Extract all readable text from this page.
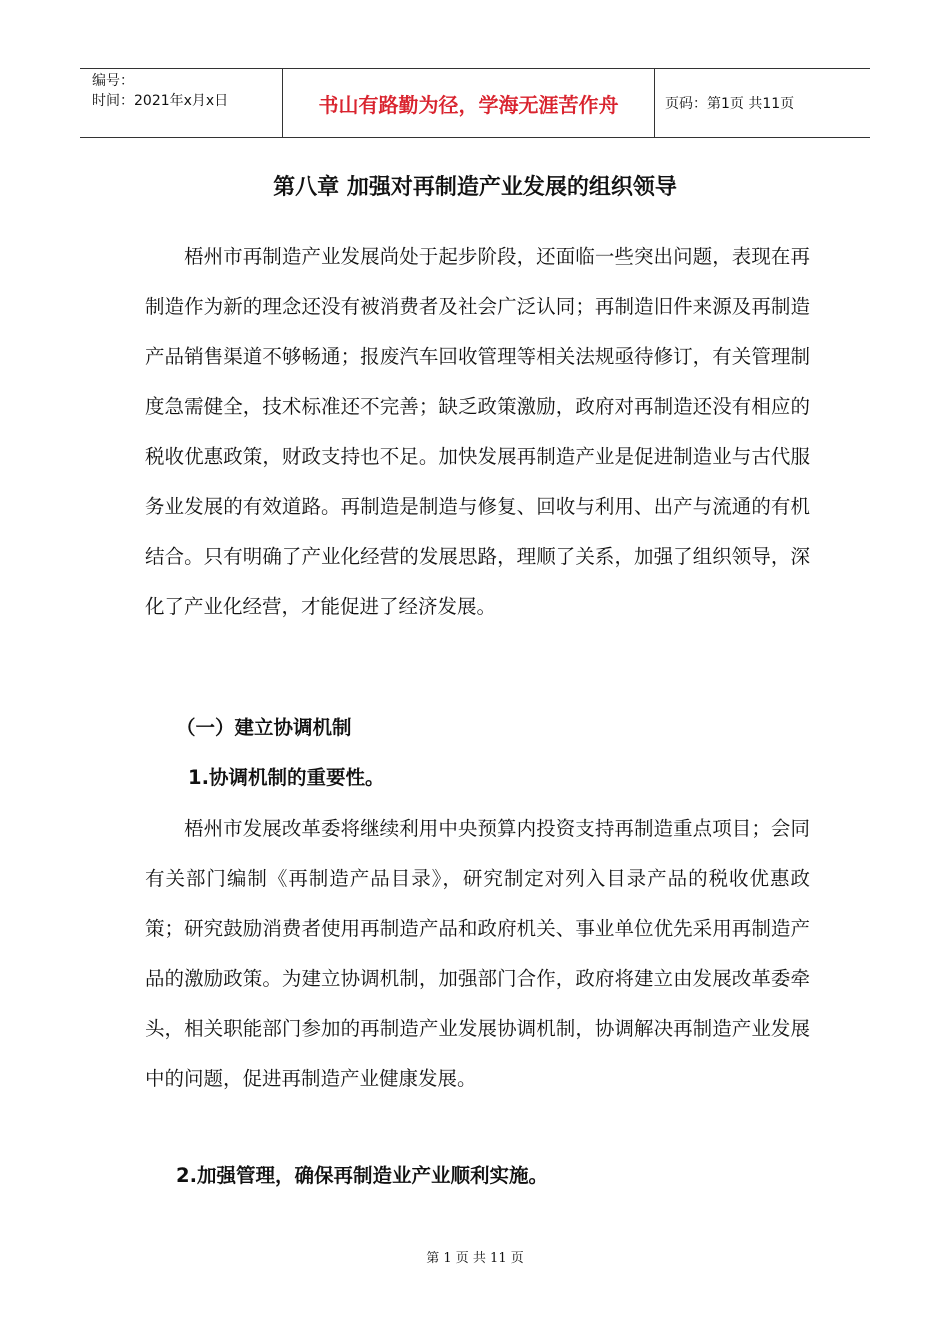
编号：
时间：2021年x月x日	书山有路勤为径，学海无涯苦作舟	页码：第1页 共11页
第八章 加强对再制造产业发展的组织领导

梧州市再制造产业发展尚处于起步阶段，还面临一些突出问题，表现在再制造作为新的理念还没有被消费者及社会广泛认同；再制造旧件来源及再制造产品销售渠道不够畅通；报废汽车回收管理等相关法规亟待修订，有关管理制度急需健全，技术标准还不完善；缺乏政策激励，政府对再制造还没有相应的税收优惠政策，财政支持也不足。加快发展再制造产业是促进制造业与古代服务业发展的有效道路。再制造是制造与修复、回收与利用、出产与流通的有机结合。只有明确了产业化经营的发展思路，理顺了关系，加强了组织领导，深化了产业化经营，才能促进了经济发展。

（一）建立协调机制
1.协调机制的重要性。

梧州市发展改革委将继续利用中央预算内投资支持再制造重点项目；会同有关部门编制《再制造产品目录》，研究制定对列入目录产品的税收优惠政策；研究鼓励消费者使用再制造产品和政府机关、事业单位优先采用再制造产品的激励政策。为建立协调机制，加强部门合作，政府将建立由发展改革委牵头，相关职能部门参加的再制造产业发展协调机制，协调解决再制造产业发展中的问题，促进再制造产业健康发展。

2.加强管理，确保再制造业产业顺利实施。
第 1 页 共 11 页
